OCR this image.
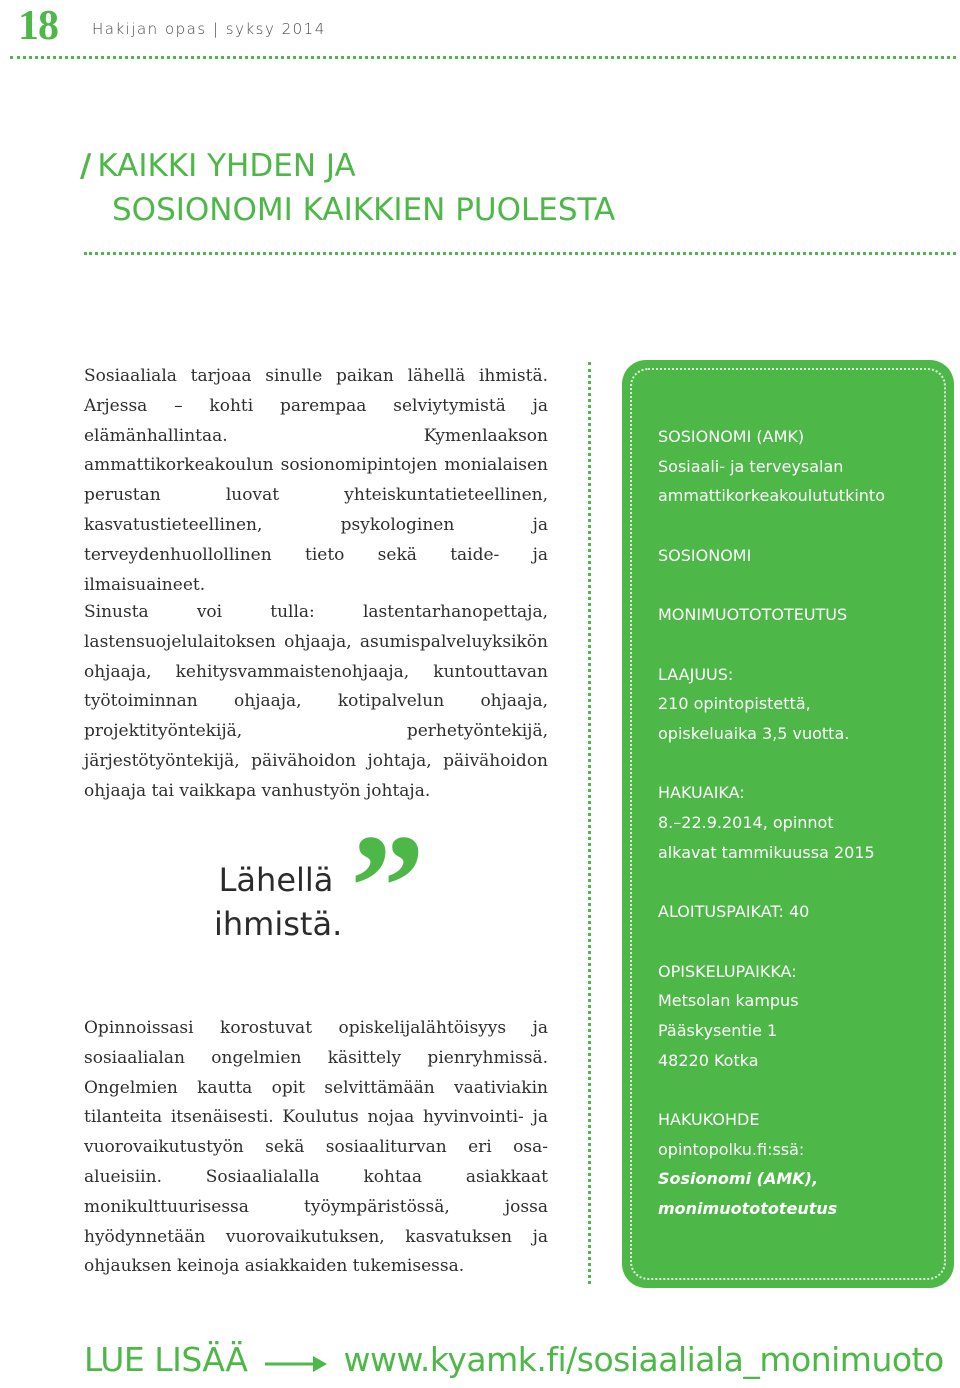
18 Hakijan opas | syksy 2014
/ KAIKKI YHDEN JA
SOSIONOMI KAIKKIEN PUOLESTA

Sosiaaliala tarjoaa sinulle paikan lähellä ihmistä. Arjessa – kohti parempaa selviytymistä ja elämänhallintaa. Kymenlaakson ammattikorkeakoulun sosionomipintojen monialaisen perustan luovat yhteiskuntatieteellinen, kasvatustieteellinen, psykologinen ja terveydenhuollollinen tieto sekä taide- ja ilmaisuaineet.

Sinusta voi tulla: lastentarhanopettaja, lastensuojelulaitoksen ohjaaja, asumispalveluyksikön ohjaaja, kehitysvammaistenohjaaja, kuntouttavan työtoiminnan ohjaaja, kotipalvelun ohjaaja, projektityöntekijä, perhetyöntekijä, järjestötyöntekijä, päivähoidon johtaja, päivähoidon ohjaaja tai vaikkapa vanhustyön johtaja.

Lähellä
ihmistä. ”

Opinnoissasi korostuvat opiskelijalähtöisyys ja sosiaalialan ongelmien käsittely pienryhmissä. Ongelmien kautta opit selvittämään vaativiakin tilanteita itsenäisesti. Koulutus nojaa hyvinvointi- ja vuorovaikutustyön sekä sosiaaliturvan eri osa-alueisiin. Sosiaalialalla kohtaa asiakkaat monikulttuurisessa työympäristössä, jossa hyödynnetään vuorovaikutuksen, kasvatuksen ja ohjauksen keinoja asiakkaiden tukemisessa.

SOSIONOMI (AMK)
Sosiaali- ja terveysalan
ammattikorkeakoulututkinto
SOSIONOMI
MONIMUOTOTOTEUTUS
LAAJUUS:
210 opintopistettä,
opiskeluaika 3,5 vuotta.
HAKUAIKA:
8.–22.9.2014, opinnot
alkavat tammikuussa 2015
ALOITUSPAIKAT: 40
OPISKELUPAIKKA:
Metsolan kampus
Pääskysentie 1
48220 Kotka
HAKUKOHDE
opintopolku.fi:ssä:
Sosionomi (AMK),
monimuotototeutus
LUE LISÄÄ	www.kyamk.fi/sosiaaliala_monimuoto
